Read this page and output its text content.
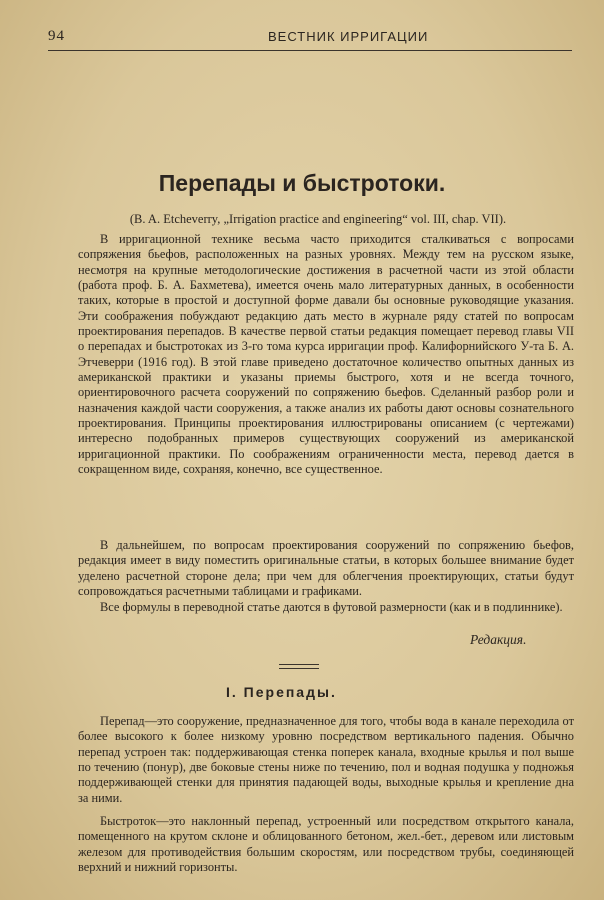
94	ВЕСТНИК ИРРИГАЦИИ
Перепады и быстротоки.
(B. A. Etcheverry, „Irrigation practice and engineering“ vol. III, chap. VII).

В ирригационной технике весьма часто приходится сталкиваться с вопросами сопряжения бьефов, расположенных на разных уровнях. Между тем на русском языке, несмотря на крупные методологические достижения в расчетной части из этой области (работа проф. Б. А. Бахметева), имеется очень мало литературных данных, в особенности таких, которые в простой и доступной форме давали бы основные руководящие указания. Эти соображения побуждают редакцию дать место в журнале ряду статей по вопросам проектирования перепадов. В качестве первой статьи редакция помещает перевод главы VII о перепадах и быстротоках из 3-го тома курса ирригации проф. Калифорнийского У-та Б. А. Этчеверри (1916 год). В этой главе приведено достаточное количество опытных данных из американской практики и указаны приемы быстрого, хотя и не всегда точного, ориентировочного расчета сооружений по сопряжению бьефов. Сделанный разбор роли и назначения каждой части сооружения, а также анализ их работы дают основы сознательного проектирования. Принципы проектирования иллюстрированы описанием (с чертежами) интересно подобранных примеров существующих сооружений из американской ирригационной практики. По соображениям ограниченности места, перевод дается в сокращенном виде, сохраняя, конечно, все существенное.

В дальнейшем, по вопросам проектирования сооружений по сопряжению бьефов, редакция имеет в виду поместить оригинальные статьи, в которых большее внимание будет уделено расчетной стороне дела; при чем для облегчения проектирующих, статьи будут сопровождаться расчетными таблицами и графиками.

Все формулы в переводной статье даются в футовой размерности (как и в подлиннике).

Редакция.
I. Перепады.

Перепад—это сооружение, предназначенное для того, чтобы вода в канале переходила от более высокого к более низкому уровню посредством вертикального падения. Обычно перепад устроен так: поддерживающая стенка поперек канала, входные крылья и пол выше по течению (понур), две боковые стены ниже по течению, пол и водная подушка у подножья поддерживающей стенки для принятия падающей воды, выходные крылья и крепление дна за ними.

Быстроток—это наклонный перепад, устроенный или посредством открытого канала, помещенного на крутом склоне и облицованного бетоном, жел.-бет., деревом или листовым железом для противодействия большим скоростям, или посредством трубы, соединяющей верхний и нижний горизонты.
